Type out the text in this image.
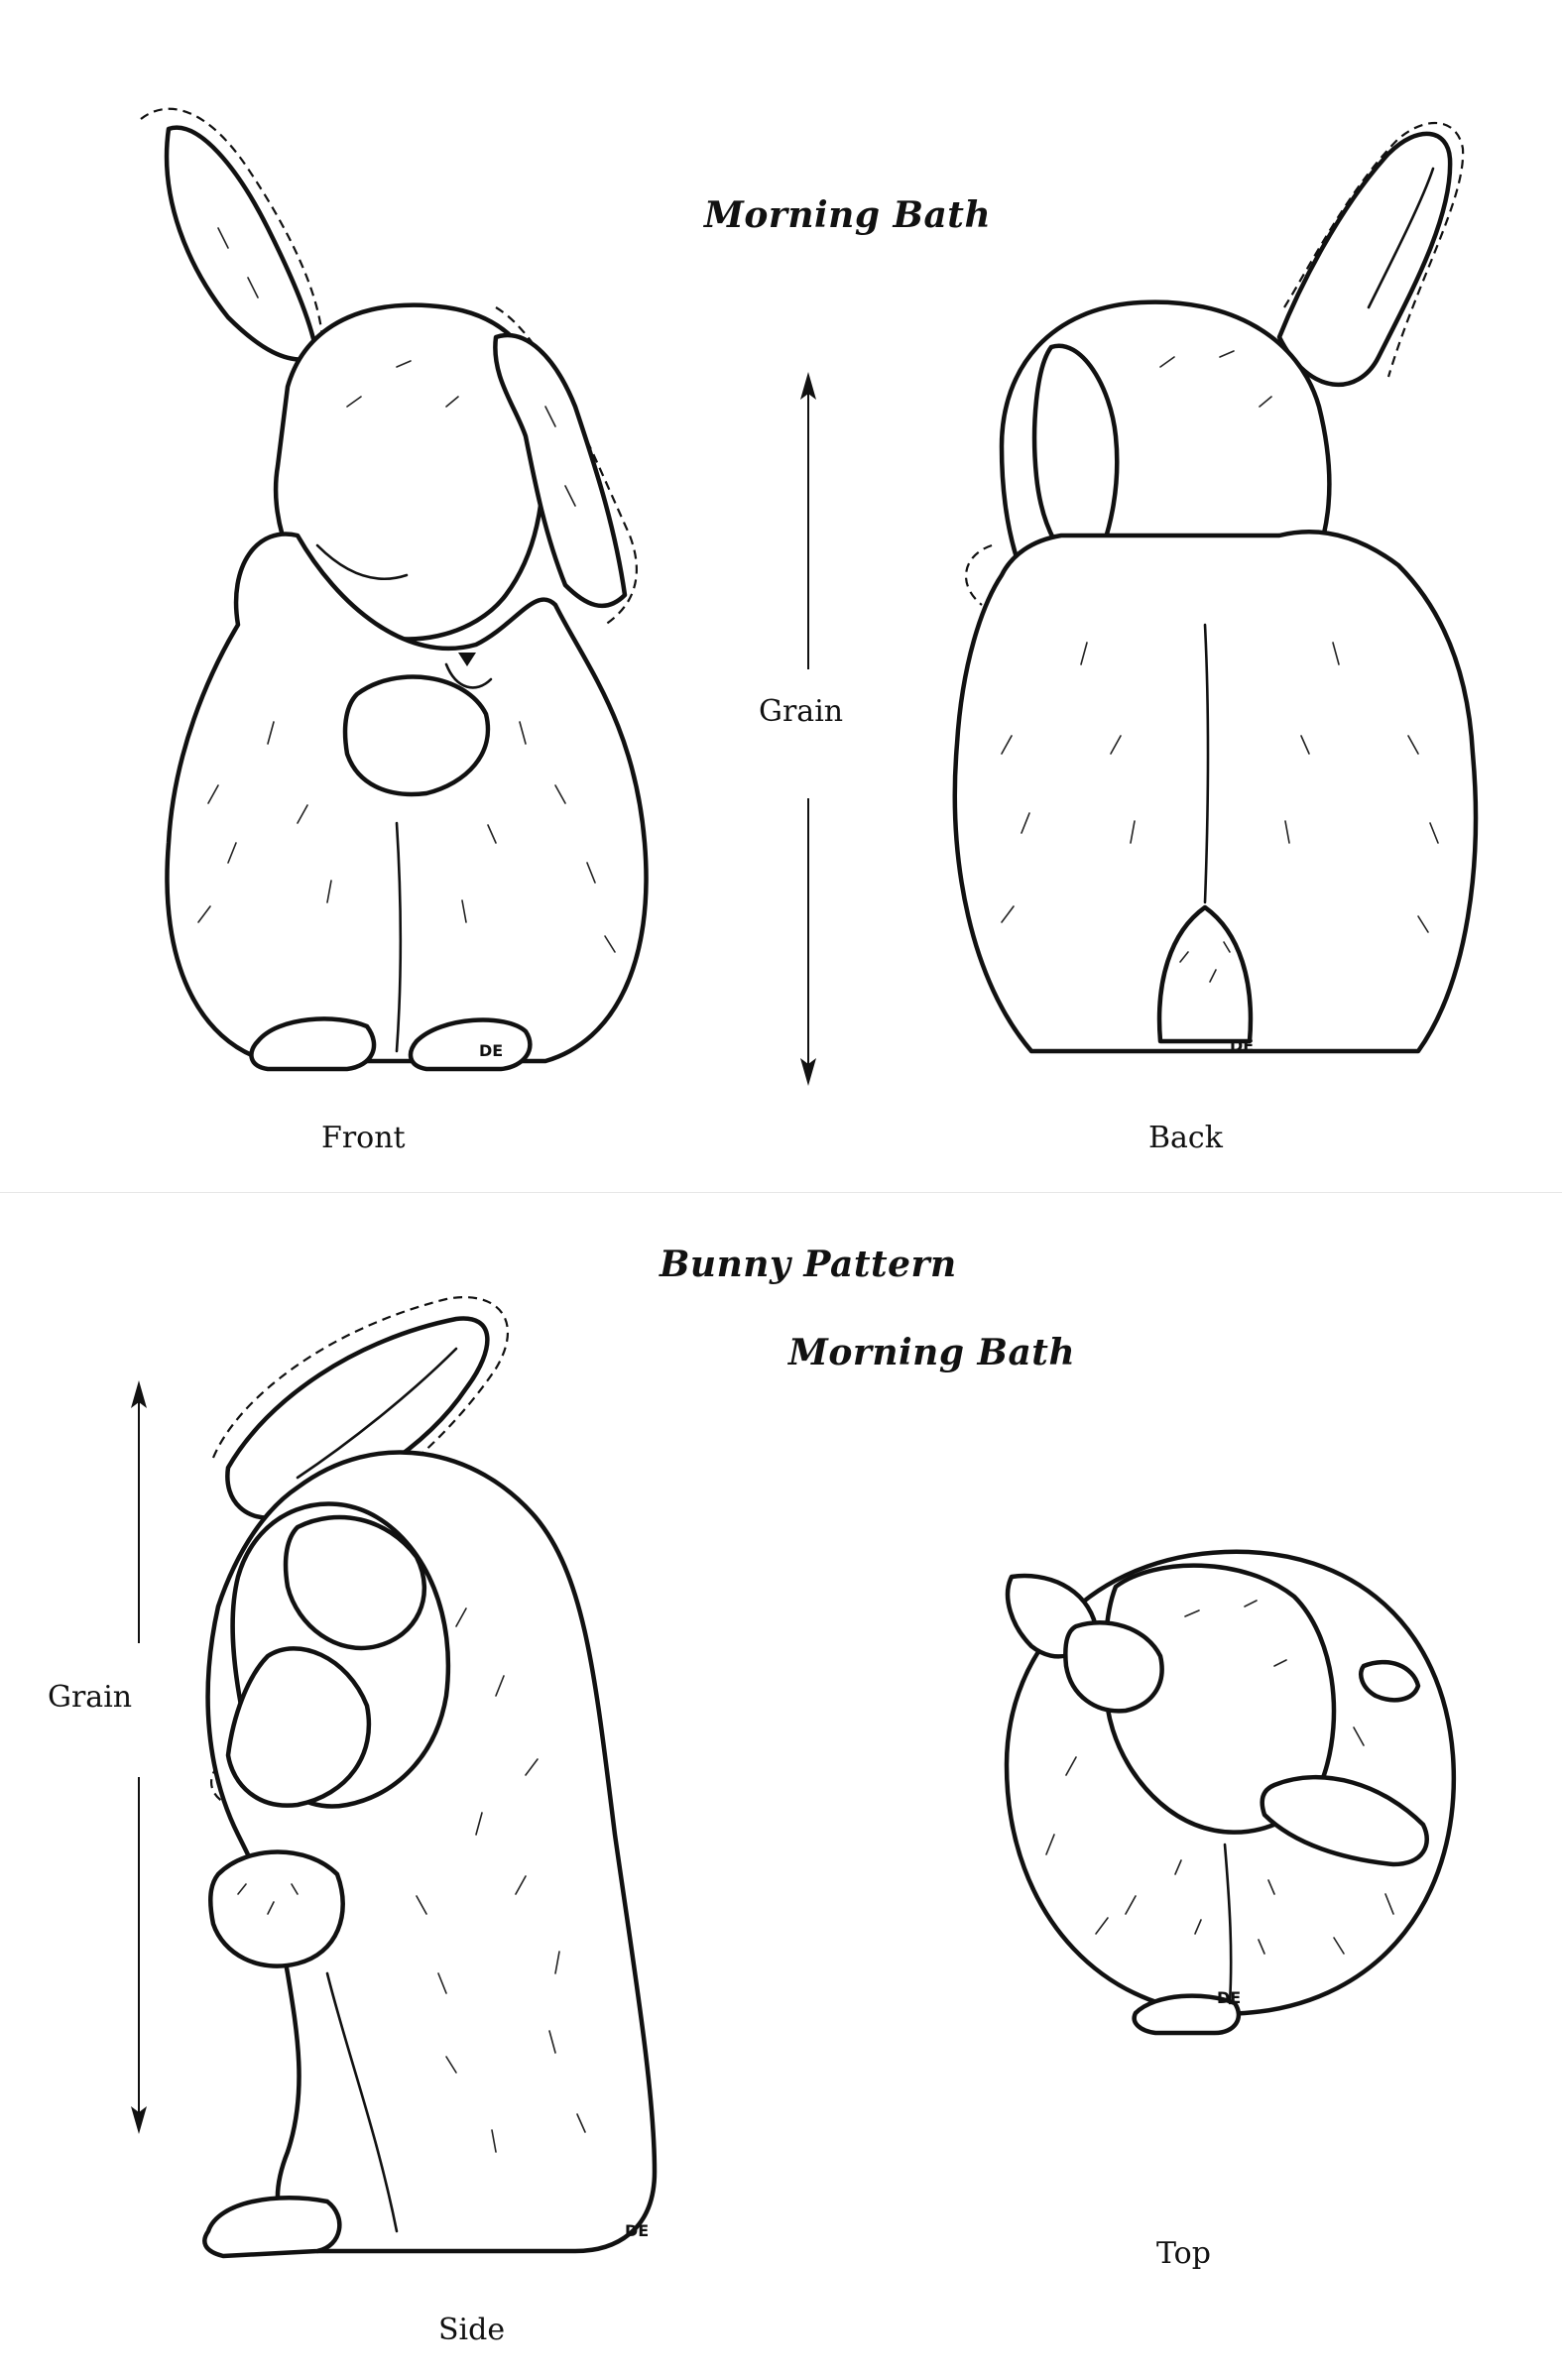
Morning Bath
DE
Grain
DE
Front	Back
Bunny Pattern
Morning Bath
Grain
DE
Side
DE
Top
